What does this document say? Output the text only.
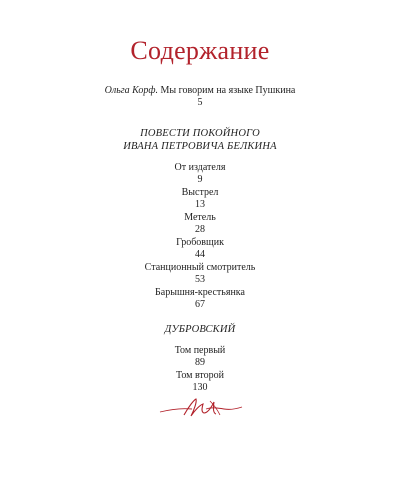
Содержание
Ольга Корф. Мы говорим на языке Пушкина
5
ПОВЕСТИ ПОКОЙНОГО
ИВАНА ПЕТРОВИЧА БЕЛКИНА
От издателя
9
Выстрел
13
Метель
28
Гробовщик
44
Станционный смотритель
53
Барышня-крестьянка
67
ДУБРОВСКИЙ
Том первый
89
Том второй
130
